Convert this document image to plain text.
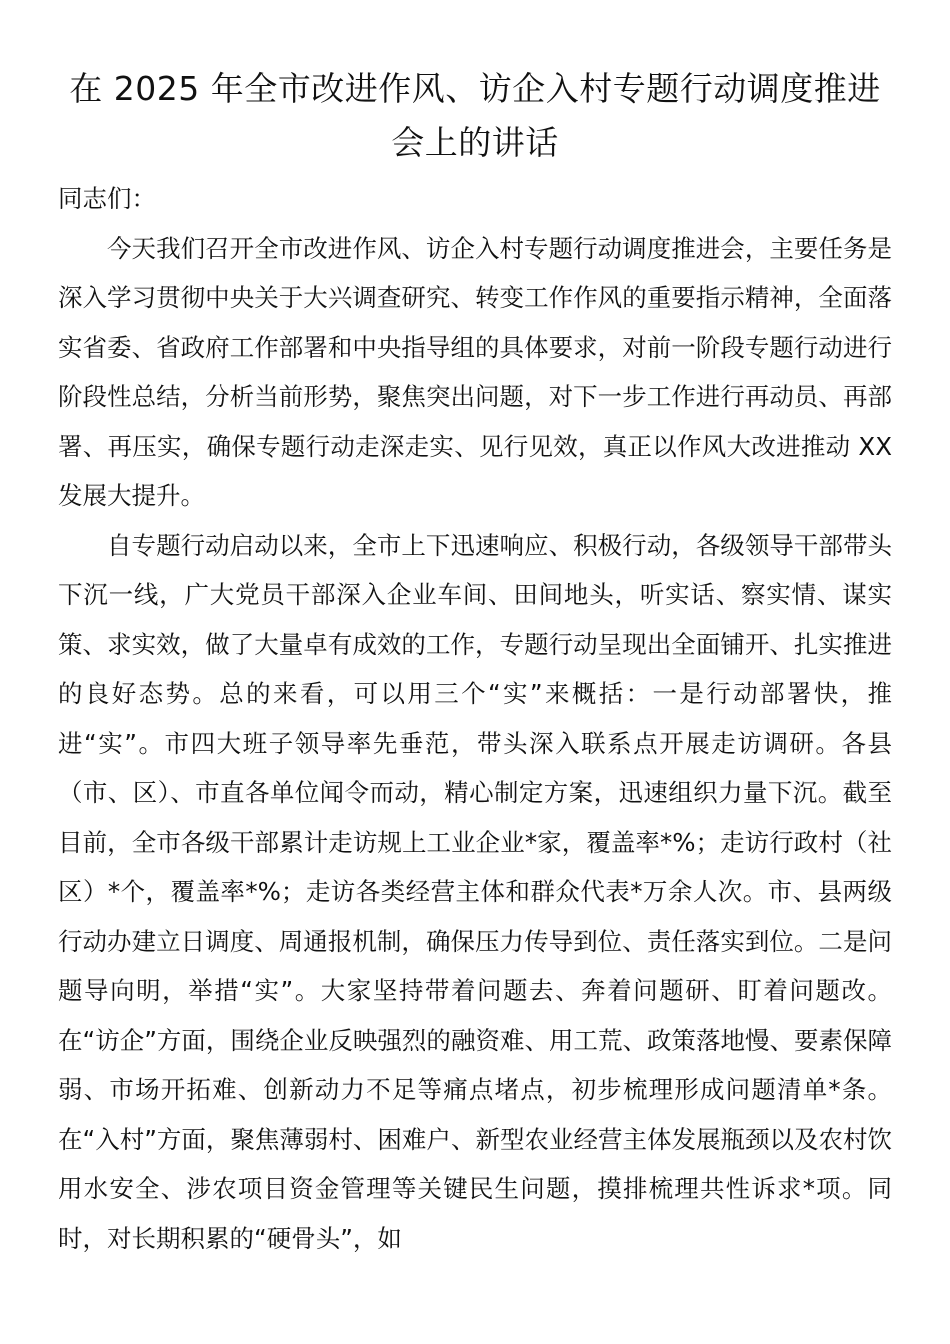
在 2025 年全市改进作风、访企入村专题行动调度推进会上的讲话

同志们：

今天我们召开全市改进作风、访企入村专题行动调度推进会，主要任务是深入学习贯彻中央关于大兴调查研究、转变工作作风的重要指示精神，全面落实省委、省政府工作部署和中央指导组的具体要求，对前一阶段专题行动进行阶段性总结，分析当前形势，聚焦突出问题，对下一步工作进行再动员、再部署、再压实，确保专题行动走深走实、见行见效，真正以作风大改进推动 XX 发展大提升。

自专题行动启动以来，全市上下迅速响应、积极行动，各级领导干部带头下沉一线，广大党员干部深入企业车间、田间地头，听实话、察实情、谋实策、求实效，做了大量卓有成效的工作，专题行动呈现出全面铺开、扎实推进的良好态势。总的来看，可以用三个“实”来概括：一是行动部署快，推进“实”。市四大班子领导率先垂范，带头深入联系点开展走访调研。各县（市、区）、市直各单位闻令而动，精心制定方案，迅速组织力量下沉。截至目前，全市各级干部累计走访规上工业企业*家，覆盖率*%；走访行政村（社区）*个，覆盖率*%；走访各类经营主体和群众代表*万余人次。市、县两级行动办建立日调度、周通报机制，确保压力传导到位、责任落实到位。二是问题导向明，举措“实”。大家坚持带着问题去、奔着问题研、盯着问题改。在“访企”方面，围绕企业反映强烈的融资难、用工荒、政策落地慢、要素保障弱、市场开拓难、创新动力不足等痛点堵点，初步梳理形成问题清单*条。在“入村”方面，聚焦薄弱村、困难户、新型农业经营主体发展瓶颈以及农村饮用水安全、涉农项目资金管理等关键民生问题，摸排梳理共性诉求*项。同时，对长期积累的“硬骨头”，如
